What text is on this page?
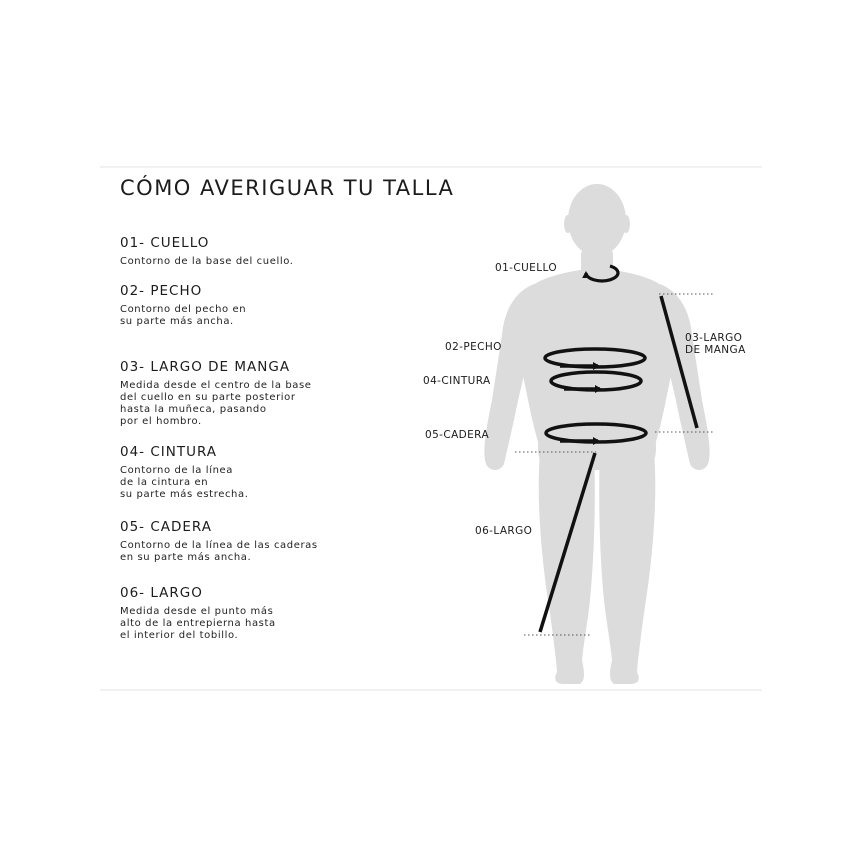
CÓMO AVERIGUAR TU TALLA
01- CUELLO
Contorno de la base del cuello.
02- PECHO
Contorno del pecho en
su parte más ancha.
03- LARGO DE MANGA
Medida desde el centro de la base
del cuello en su parte posterior
hasta la muñeca, pasando
por el hombro.
04- CINTURA
Contorno de la línea
de la cintura en
su parte más estrecha.
05- CADERA
Contorno de la línea de las caderas
en su parte más ancha.
06- LARGO
Medida desde el punto más
alto de la entrepierna hasta
el interior del tobillo.
01-CUELLO
02-PECHO
03-LARGO
DE MANGA
04-CINTURA
05-CADERA
06-LARGO
